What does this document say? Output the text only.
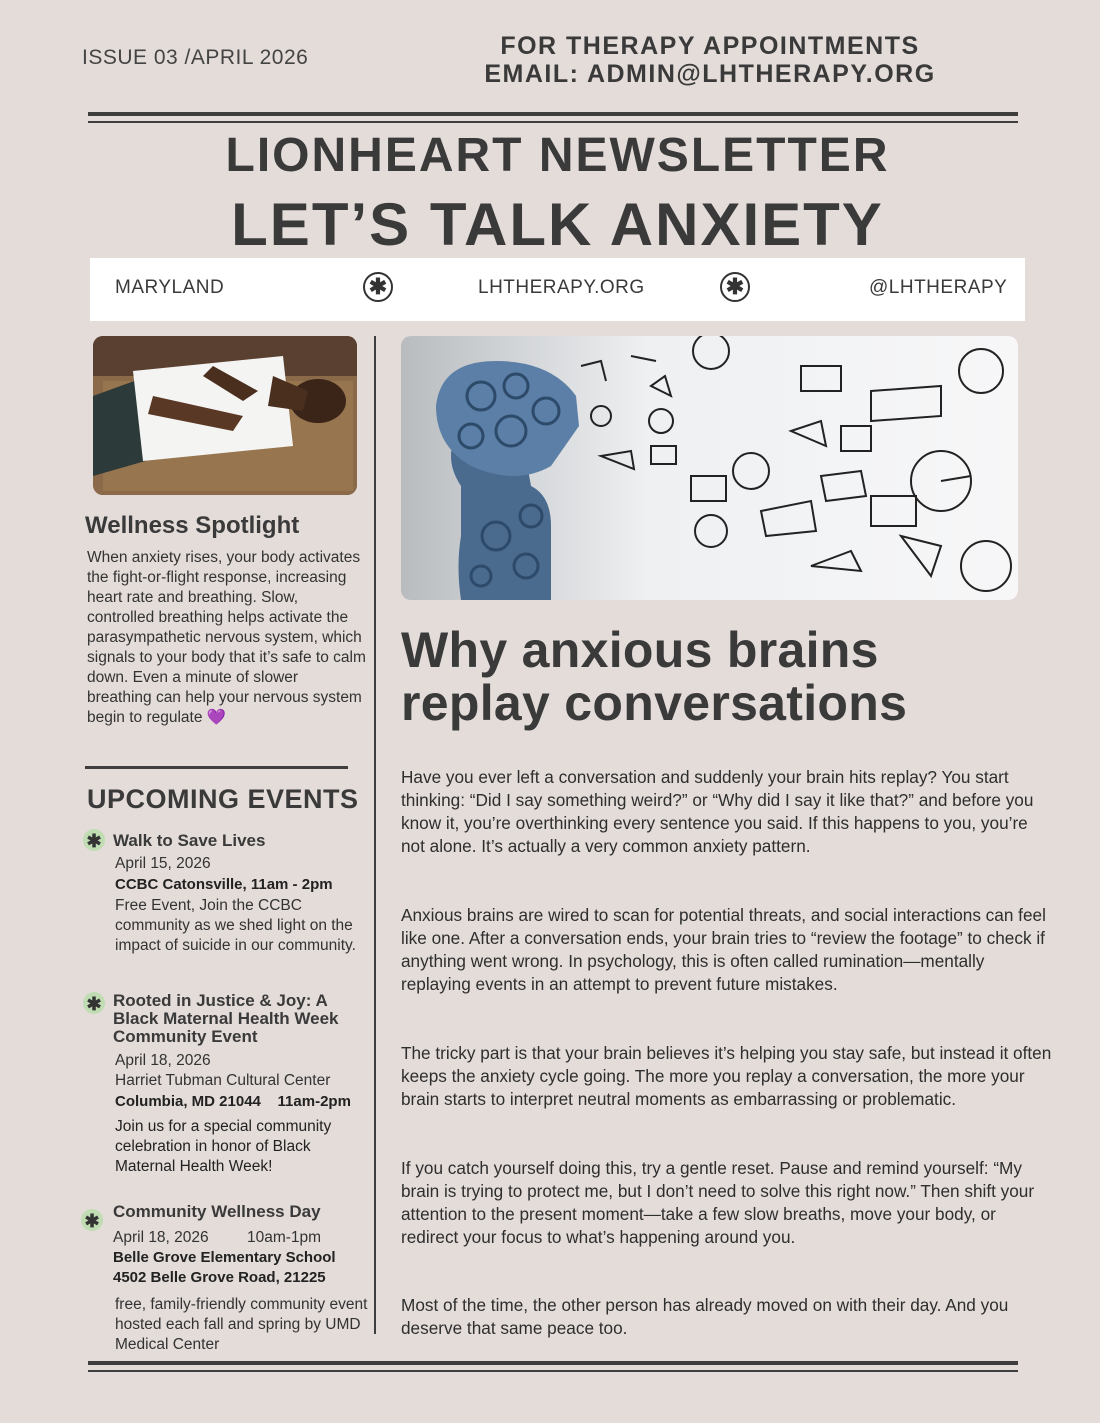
ISSUE 03 /APRIL 2026	FOR THERAPY APPOINTMENTS
EMAIL: ADMIN@LHTHERAPY.ORG
LIONHEART NEWSLETTER
LET’S TALK ANXIETY
MARYLAND	✱	LHTHERAPY.ORG	✱	@LHTHERAPY
Wellness Spotlight
When anxiety rises, your body activates the fight-or-flight response, increasing heart rate and breathing. Slow, controlled breathing helps activate the parasympathetic nervous system, which signals to your body that it’s safe to calm down. Even a minute of slower breathing can help your nervous system begin to regulate 💜
UPCOMING EVENTS
✱ Walk to Save Lives
April 15, 2026
CCBC Catonsville, 11am - 2pm
Free Event, Join the CCBC community as we shed light on the impact of suicide in our community.
✱ Rooted in Justice & Joy: A Black Maternal Health Week Community Event
April 18, 2026
Harriet Tubman Cultural Center
Columbia, MD 21044    11am-2pm
Join us for a special community celebration in honor of Black Maternal Health Week!
✱ Community Wellness Day
April 18, 2026 10am-1pm
Belle Grove Elementary School
4502 Belle Grove Road, 21225
free, family-friendly community event hosted each fall and spring by UMD Medical Center
Why anxious brains replay conversations
Have you ever left a conversation and suddenly your brain hits replay? You start thinking: “Did I say something weird?” or “Why did I say it like that?” and before you know it, you’re overthinking every sentence you said. If this happens to you, you’re not alone. It’s actually a very common anxiety pattern.
Anxious brains are wired to scan for potential threats, and social interactions can feel like one. After a conversation ends, your brain tries to “review the footage” to check if anything went wrong. In psychology, this is often called rumination—mentally replaying events in an attempt to prevent future mistakes.
The tricky part is that your brain believes it’s helping you stay safe, but instead it often keeps the anxiety cycle going. The more you replay a conversation, the more your brain starts to interpret neutral moments as embarrassing or problematic.
If you catch yourself doing this, try a gentle reset. Pause and remind yourself: “My brain is trying to protect me, but I don’t need to solve this right now.” Then shift your attention to the present moment—take a few slow breaths, move your body, or redirect your focus to what’s happening around you.
Most of the time, the other person has already moved on with their day. And you deserve that same peace too.
